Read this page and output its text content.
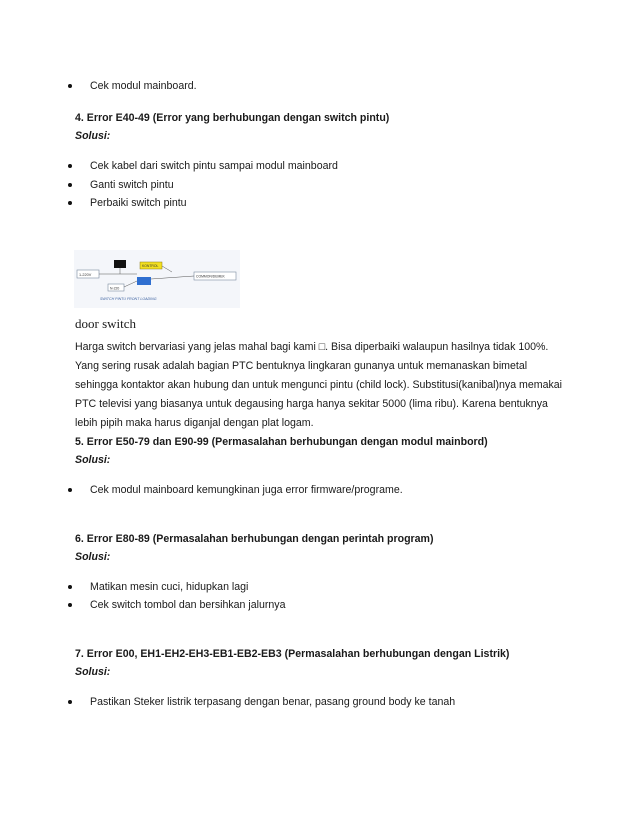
Cek modul mainboard.
4. Error E40-49 (Error yang berhubungan dengan switch pintu)
Solusi:
Cek kabel dari switch pintu sampai modul mainboard
Ganti switch pintu
Perbaiki switch pintu
1-220V
KONTROL
N-220
COMMON/DEMEK
SWITCH PINTU FRONT LOADING
door switch
Harga switch bervariasi yang jelas mahal bagi kami □. Bisa diperbaiki walaupun hasilnya tidak 100%.
Yang sering rusak adalah bagian PTC bentuknya lingkaran gunanya untuk memanaskan bimetal
sehingga kontaktor akan hubung dan untuk mengunci pintu (child lock). Substitusi(kanibal)nya memakai
PTC televisi yang biasanya untuk degausing harga hanya sekitar 5000 (lima ribu). Karena bentuknya
lebih pipih maka harus diganjal dengan plat logam.
5. Error E50-79 dan E90-99 (Permasalahan berhubungan dengan modul mainbord)
Solusi:
Cek modul mainboard kemungkinan juga error firmware/programe.
6. Error E80-89 (Permasalahan berhubungan dengan perintah program)
Solusi:
Matikan mesin cuci, hidupkan lagi
Cek switch tombol dan bersihkan jalurnya
7. Error E00, EH1-EH2-EH3-EB1-EB2-EB3 (Permasalahan berhubungan dengan Listrik)
Solusi:
Pastikan Steker listrik terpasang dengan benar, pasang ground body ke tanah
